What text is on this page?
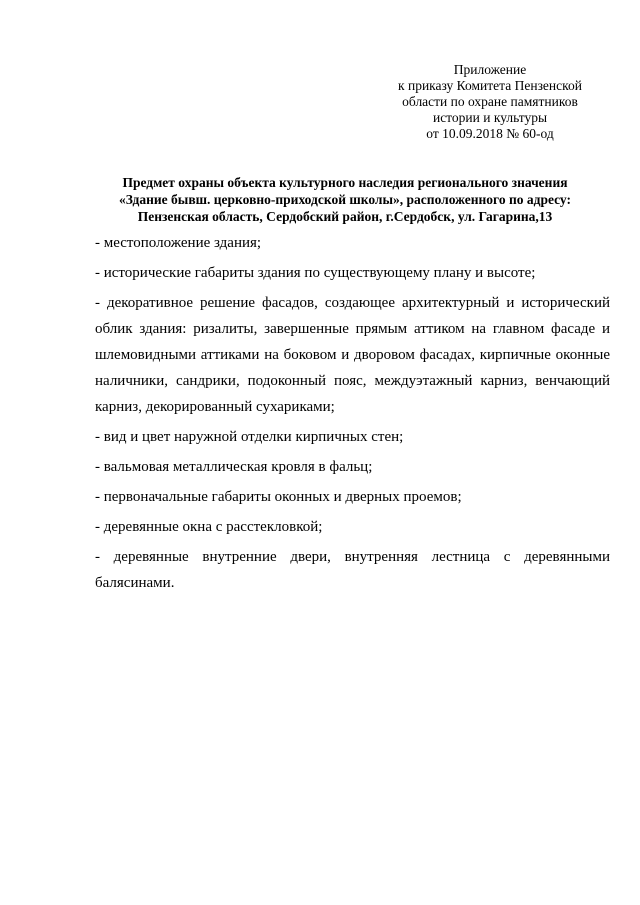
Приложение
к приказу Комитета Пензенской
области по охране памятников
истории и культуры
от 10.09.2018 № 60-од
Предмет охраны объекта культурного наследия регионального значения
«Здание бывш. церковно-приходской школы», расположенного по адресу:
Пензенская область, Сердобский район, г.Сердобск, ул. Гагарина,13
- местоположение здания;
- исторические габариты здания по существующему плану и высоте;
- декоративное решение фасадов, создающее архитектурный и исторический облик здания: ризалиты, завершенные прямым аттиком на главном фасаде и шлемовидными аттиками на боковом и дворовом фасадах, кирпичные оконные наличники, сандрики, подоконный пояс, междуэтажный карниз, венчающий карниз, декорированный сухариками;
- вид и цвет наружной отделки кирпичных стен;
- вальмовая металлическая кровля в фальц;
- первоначальные габариты оконных и дверных проемов;
- деревянные окна с расстекловкой;
- деревянные внутренние двери, внутренняя лестница с деревянными балясинами.
